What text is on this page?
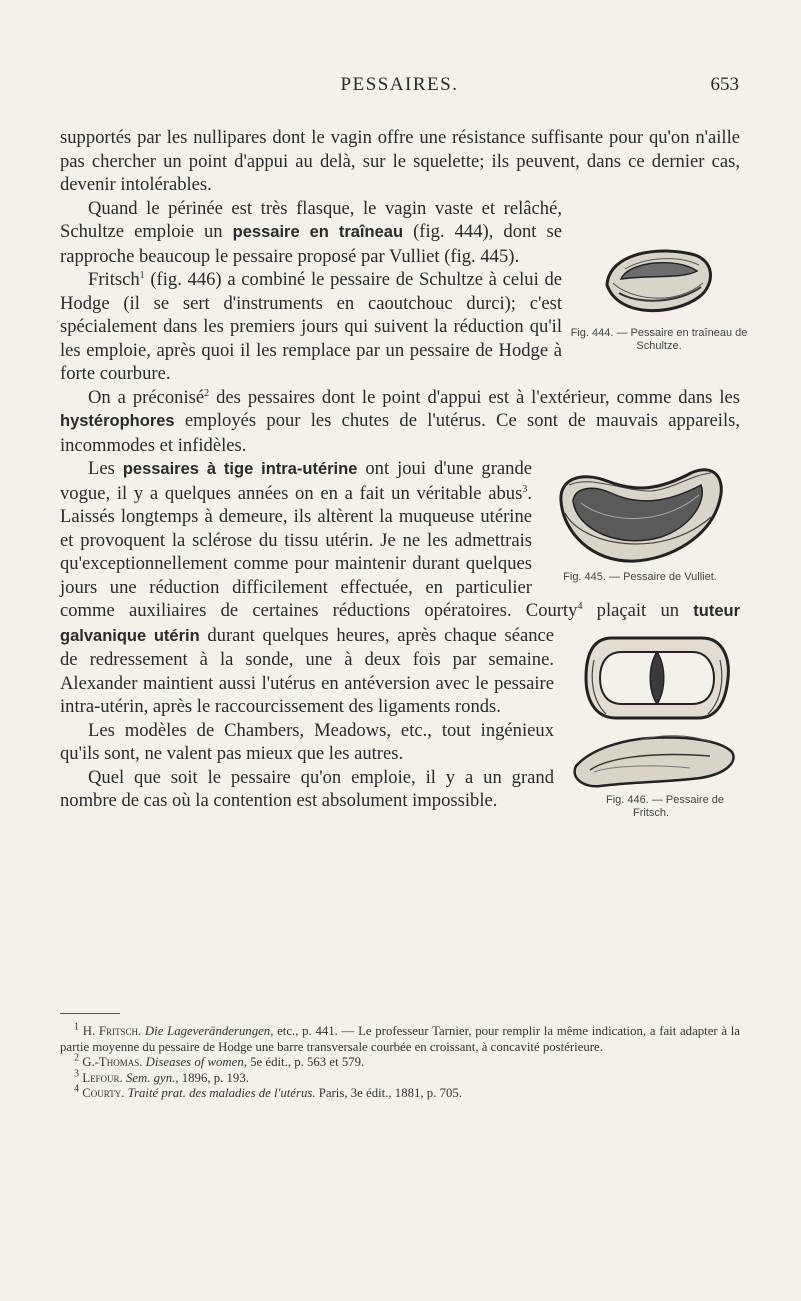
PESSAIRES.	653

supportés par les nullipares dont le vagin offre une résistance suffisante pour qu'on n'aille pas chercher un point d'appui au delà, sur le squelette; ils peuvent, dans ce dernier cas, devenir intolérables.

Fig. 444. — Pessaire en traîneau de Schultze.

Quand le périnée est très flasque, le vagin vaste et relâché, Schultze emploie un pessaire en traîneau (fig. 444), dont se rapproche beaucoup le pessaire proposé par Vulliet (fig. 445).

Fritsch$^1$ (fig. 446) a combiné le pessaire de Schultze à celui de Hodge (il se sert d'instruments en caoutchouc durci); c'est spécialement dans les premiers jours qui suivent la réduction qu'il les emploie, après quoi il les remplace par un pessaire de Hodge à forte courbure.

On a préconisé$^2$ des pessaires dont le point d'appui est à l'extérieur, comme dans les hystérophores employés pour les chutes de l'utérus. Ce sont de mauvais appareils, incommodes et infidèles.

Fig. 445. — Pessaire de Vulliet.

Les pessaires à tige intra-utérine ont joui d'une grande vogue, il y a quelques années on en a fait un véritable abus$^3$. Laissés longtemps à demeure, ils altèrent la muqueuse utérine et provoquent la sclérose du tissu utérin. Je ne les admettrais qu'exceptionnellement comme pour maintenir durant quelques jours une réduction difficilement effectuée, en particulier comme auxiliaires de certaines réductions opératoires. Courty$^4$ plaçait un
Fig. 446. — Pessaire de Fritsch.
tuteur galvanique utérin durant quelques heures, après chaque séance de redressement à la sonde, une à deux fois par semaine. Alexander maintient aussi l'utérus en antéversion avec le pessaire intra-utérin, après le raccourcissement des ligaments ronds.

Les modèles de Chambers, Meadows, etc., tout ingénieux qu'ils sont, ne valent pas mieux que les autres.

Quel que soit le pessaire qu'on emploie, il y a un grand nombre de cas où la contention est absolument impossible.

$^1$ H. Fritsch. Die Lageveränderungen, etc., p. 441. — Le professeur Tarnier, pour remplir la même indication, a fait adapter à la partie moyenne du pessaire de Hodge une barre transversale courbée en croissant, à concavité postérieure.

$^2$ G.-Thomas. Diseases of women, 5e édit., p. 563 et 579.

$^3$ Lefour. Sem. gyn., 1896, p. 193.

$^4$ Courty. Traité prat. des maladies de l'utérus. Paris, 3e édit., 1881, p. 705.
